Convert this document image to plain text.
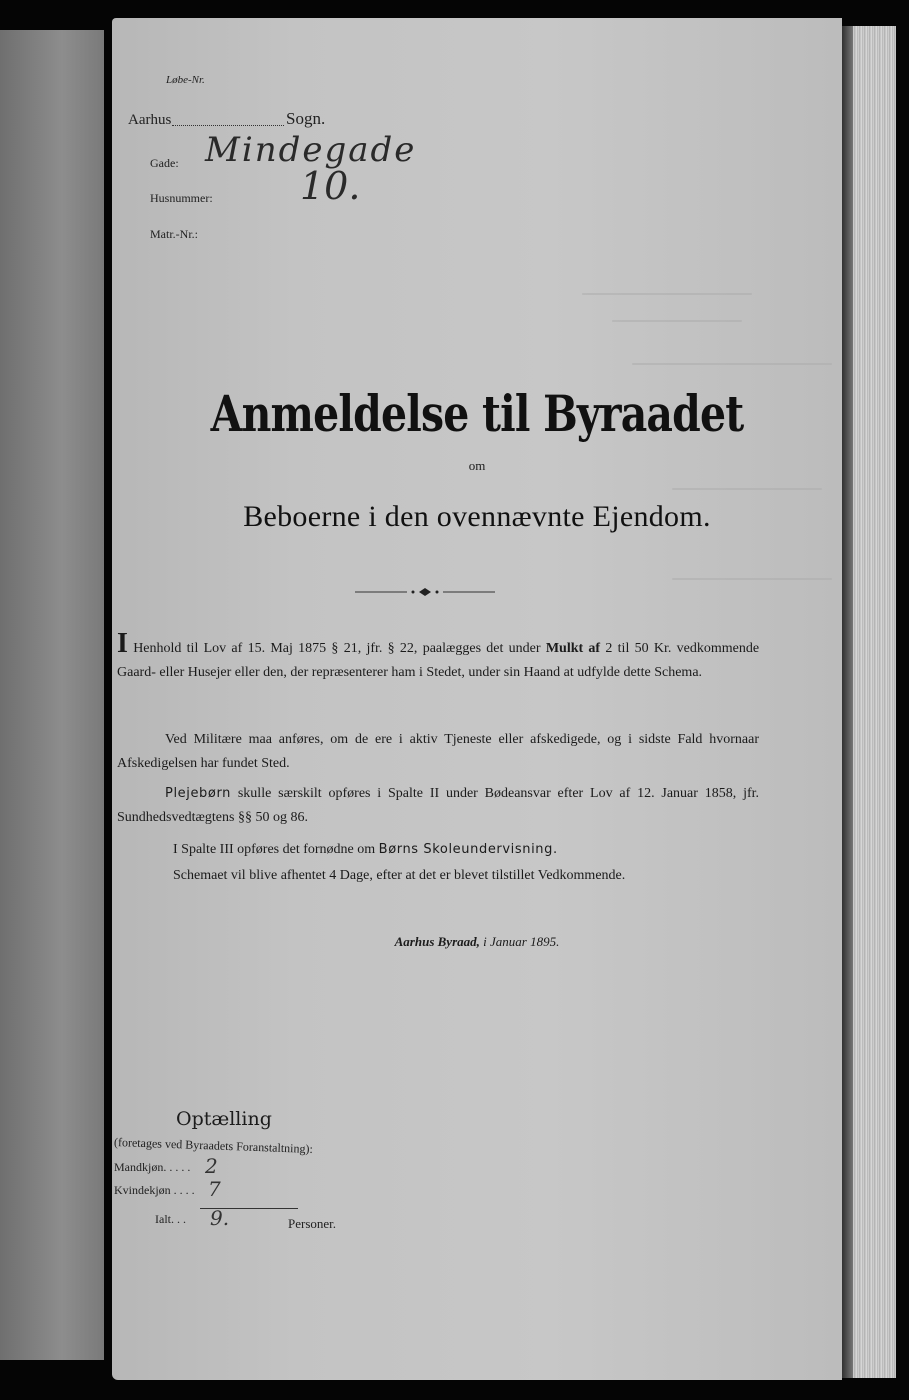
Løbe-Nr.
Aarhus	Sogn.
Gade: Mindegade
Husnummer: 10.
Matr.-Nr.:
Anmeldelse til Byraadet
om
Beboerne i den ovennævnte Ejendom.
I Henhold til Lov af 15. Maj 1875 § 21, jfr. § 22, paalægges det under Mulkt af 2 til 50 Kr. vedkommende Gaard- eller Husejer eller den, der repræsenterer ham i Stedet, under sin Haand at udfylde dette Schema.
Ved Militære maa anføres, om de ere i aktiv Tjeneste eller afskedigede, og i sidste Fald hvornaar Afskedigelsen har fundet Sted.
Plejebørn skulle særskilt opføres i Spalte II under Bødeansvar efter Lov af 12. Januar 1858, jfr. Sundhedsvedtægtens §§ 50 og 86.
I Spalte III opføres det fornødne om Børns Skoleundervisning.
Schemaet vil blive afhentet 4 Dage, efter at det er blevet tilstillet Vedkommende.
Aarhus Byraad, i Januar 1895.
Optælling
(foretages ved Byraadets Foranstaltning):
Mandkjøn. . . . . 2
Kvindekjøn . . . . 7
Ialt. . . 9.	Personer.
